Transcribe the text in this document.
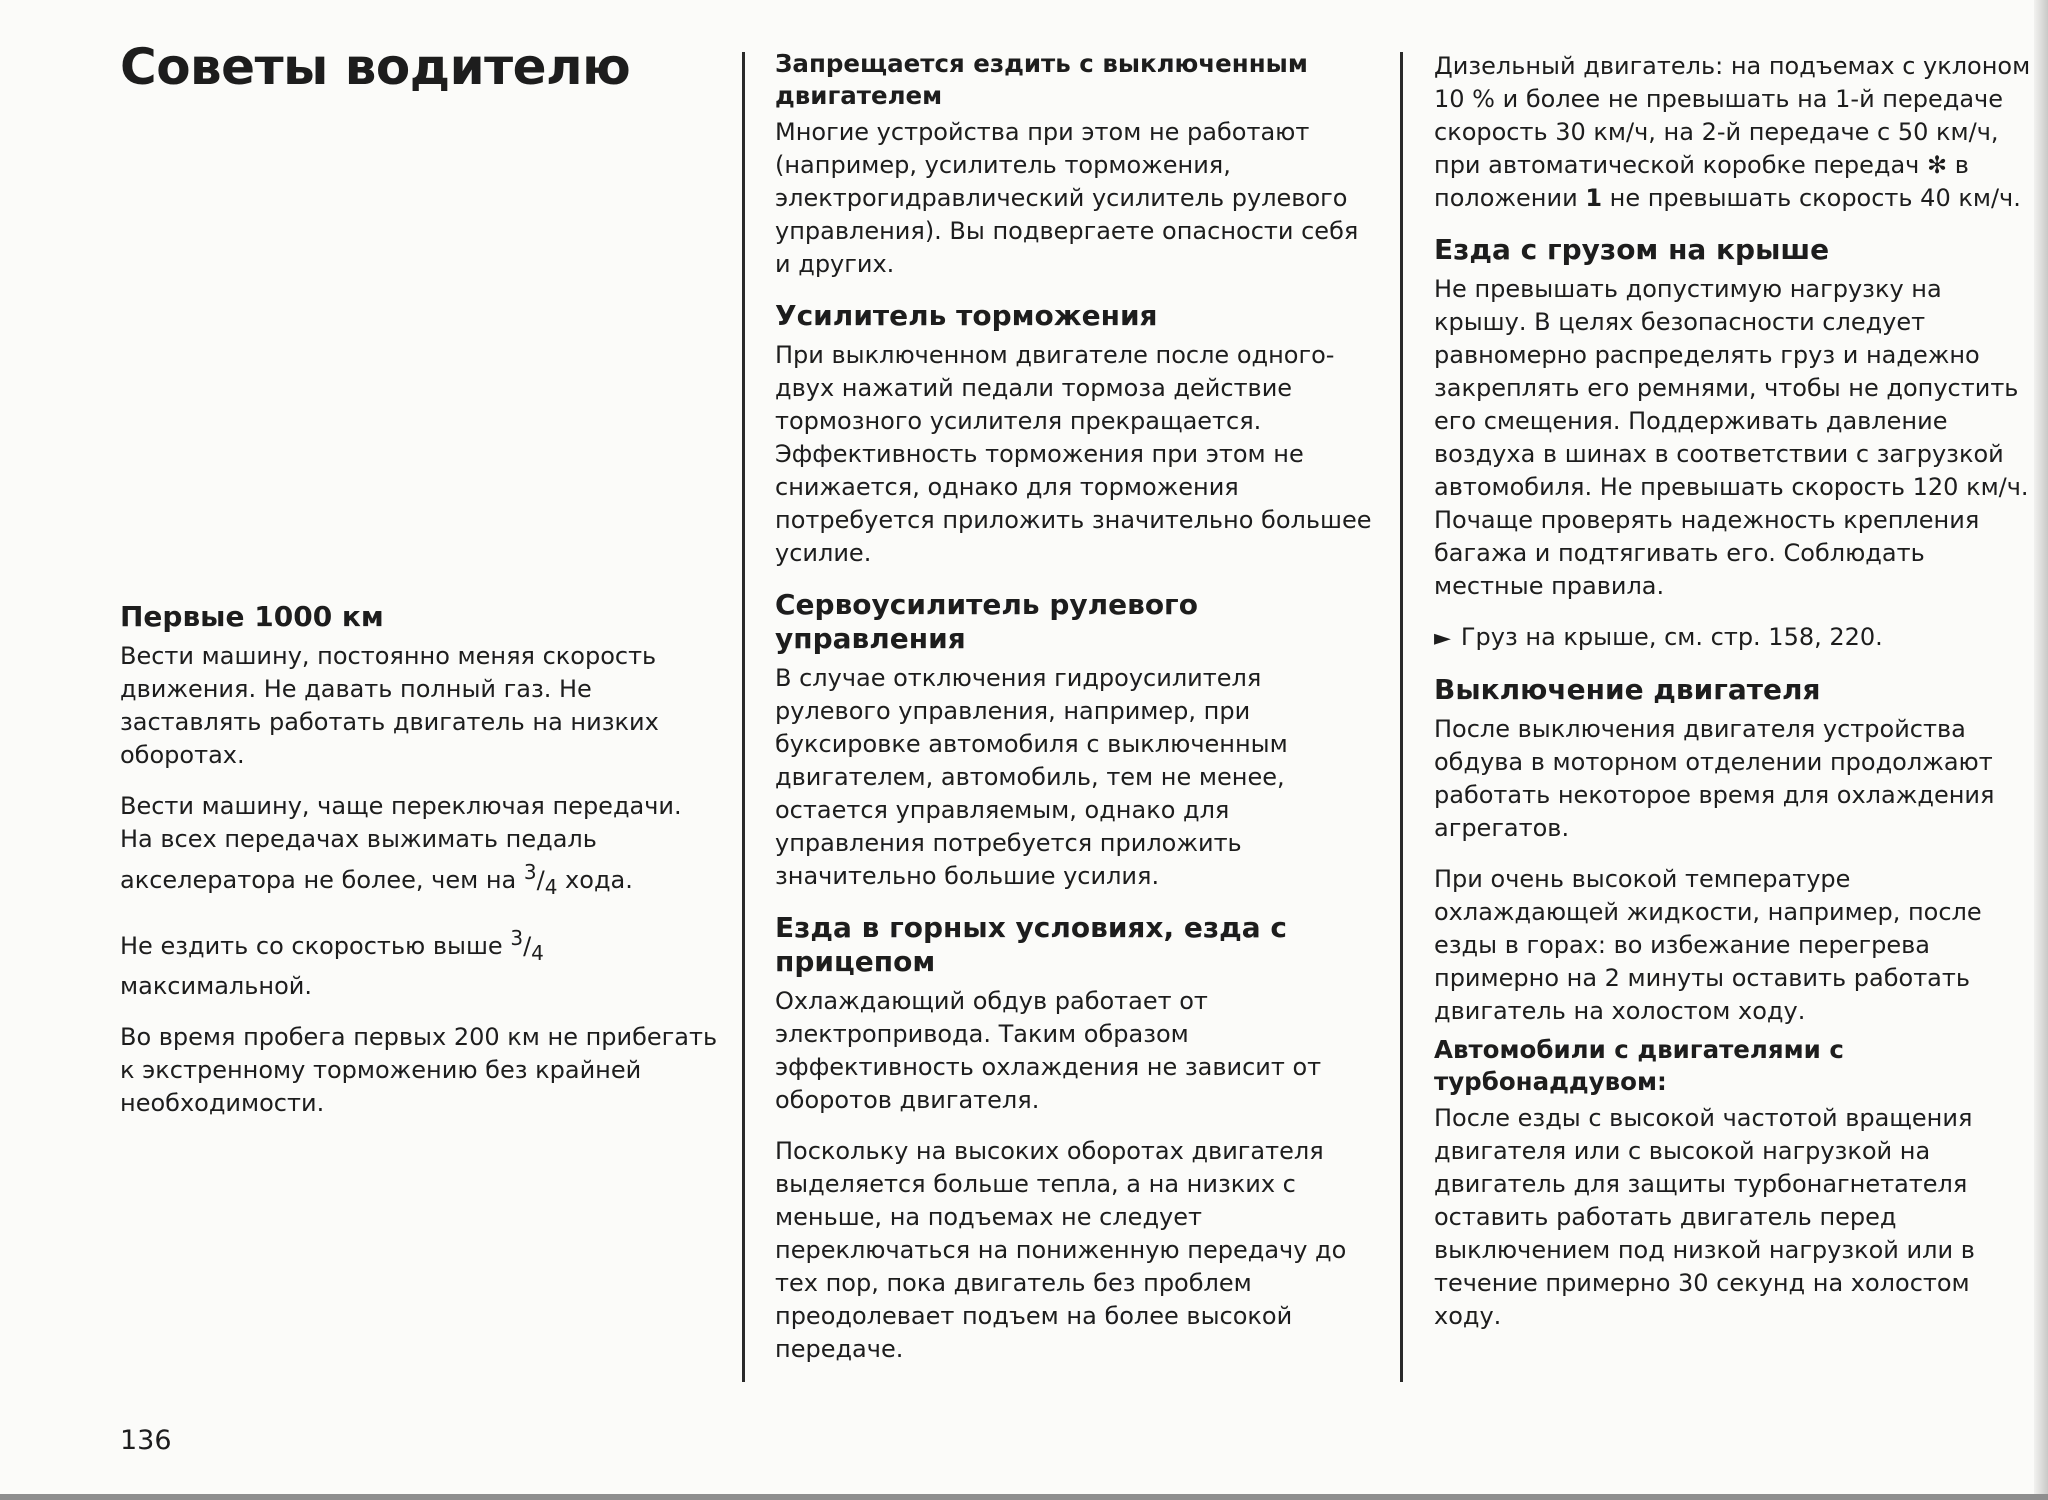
Советы водителю
Первые 1000 км

Вести машину, постоянно меняя скорость движения. Не давать полный газ. Не заставлять работать двигатель на низких оборотах.

Вести машину, чаще переключая передачи. На всех передачах выжимать педаль акселератора не более, чем на $^3/_4$ хода.

Не ездить со скоростью выше $^3/_4$ максимальной.

Во время пробега первых 200 км не прибегать к экстренному торможению без крайней необходимости.

Запрещается ездить с выключенным двигателем

Многие устройства при этом не работают (например, усилитель торможения, электрогидравлический усилитель рулевого управления). Вы подвергаете опасности себя и других.

Усилитель торможения

При выключенном двигателе после одного-двух нажатий педали тормоза действие тормозного усилителя прекращается. Эффективность торможения при этом не снижается, однако для торможения потребуется приложить значительно большее усилие.

Сервоусилитель рулевого управления

В случае отключения гидроусилителя рулевого управления, например, при буксировке автомобиля с выключенным двигателем, автомобиль, тем не менее, остается управляемым, однако для управления потребуется приложить значительно большие усилия.

Езда в горных условиях, езда с прицепом

Охлаждающий обдув работает от электропривода. Таким образом эффективность охлаждения не зависит от оборотов двигателя.

Поскольку на высоких оборотах двигателя выделяется больше тепла, а на низких с меньше, на подъемах не следует переключаться на пониженную передачу до тех пор, пока двигатель без проблем преодолевает подъем на более высокой передаче.

Дизельный двигатель: на подъемах с уклоном 10 % и более не превышать на 1-й передаче скорость 30 км/ч, на 2-й передаче с 50 км/ч, при автоматической коробке передач ✻ в положении 1 не превышать скорость 40 км/ч.

Езда с грузом на крыше

Не превышать допустимую нагрузку на крышу. В целях безопасности следует равномерно распределять груз и надежно закреплять его ремнями, чтобы не допустить его смещения. Поддерживать давление воздуха в шинах в соответствии с загрузкой автомобиля. Не превышать скорость 120 км/ч. Почаще проверять надежность крепления багажа и подтягивать его. Соблюдать местные правила.

► Груз на крыше, см. стр. 158, 220.

Выключение двигателя

После выключения двигателя устройства обдува в моторном отделении продолжают работать некоторое время для охлаждения агрегатов.

При очень высокой температуре охлаждающей жидкости, например, после езды в горах: во избежание перегрева примерно на 2 минуты оставить работать двигатель на холостом ходу.

Автомобили с двигателями с турбонаддувом:

После езды с высокой частотой вращения двигателя или с высокой нагрузкой на двигатель для защиты турбонагнетателя оставить работать двигатель перед выключением под низкой нагрузкой или в течение примерно 30 секунд на холостом ходу.

136
